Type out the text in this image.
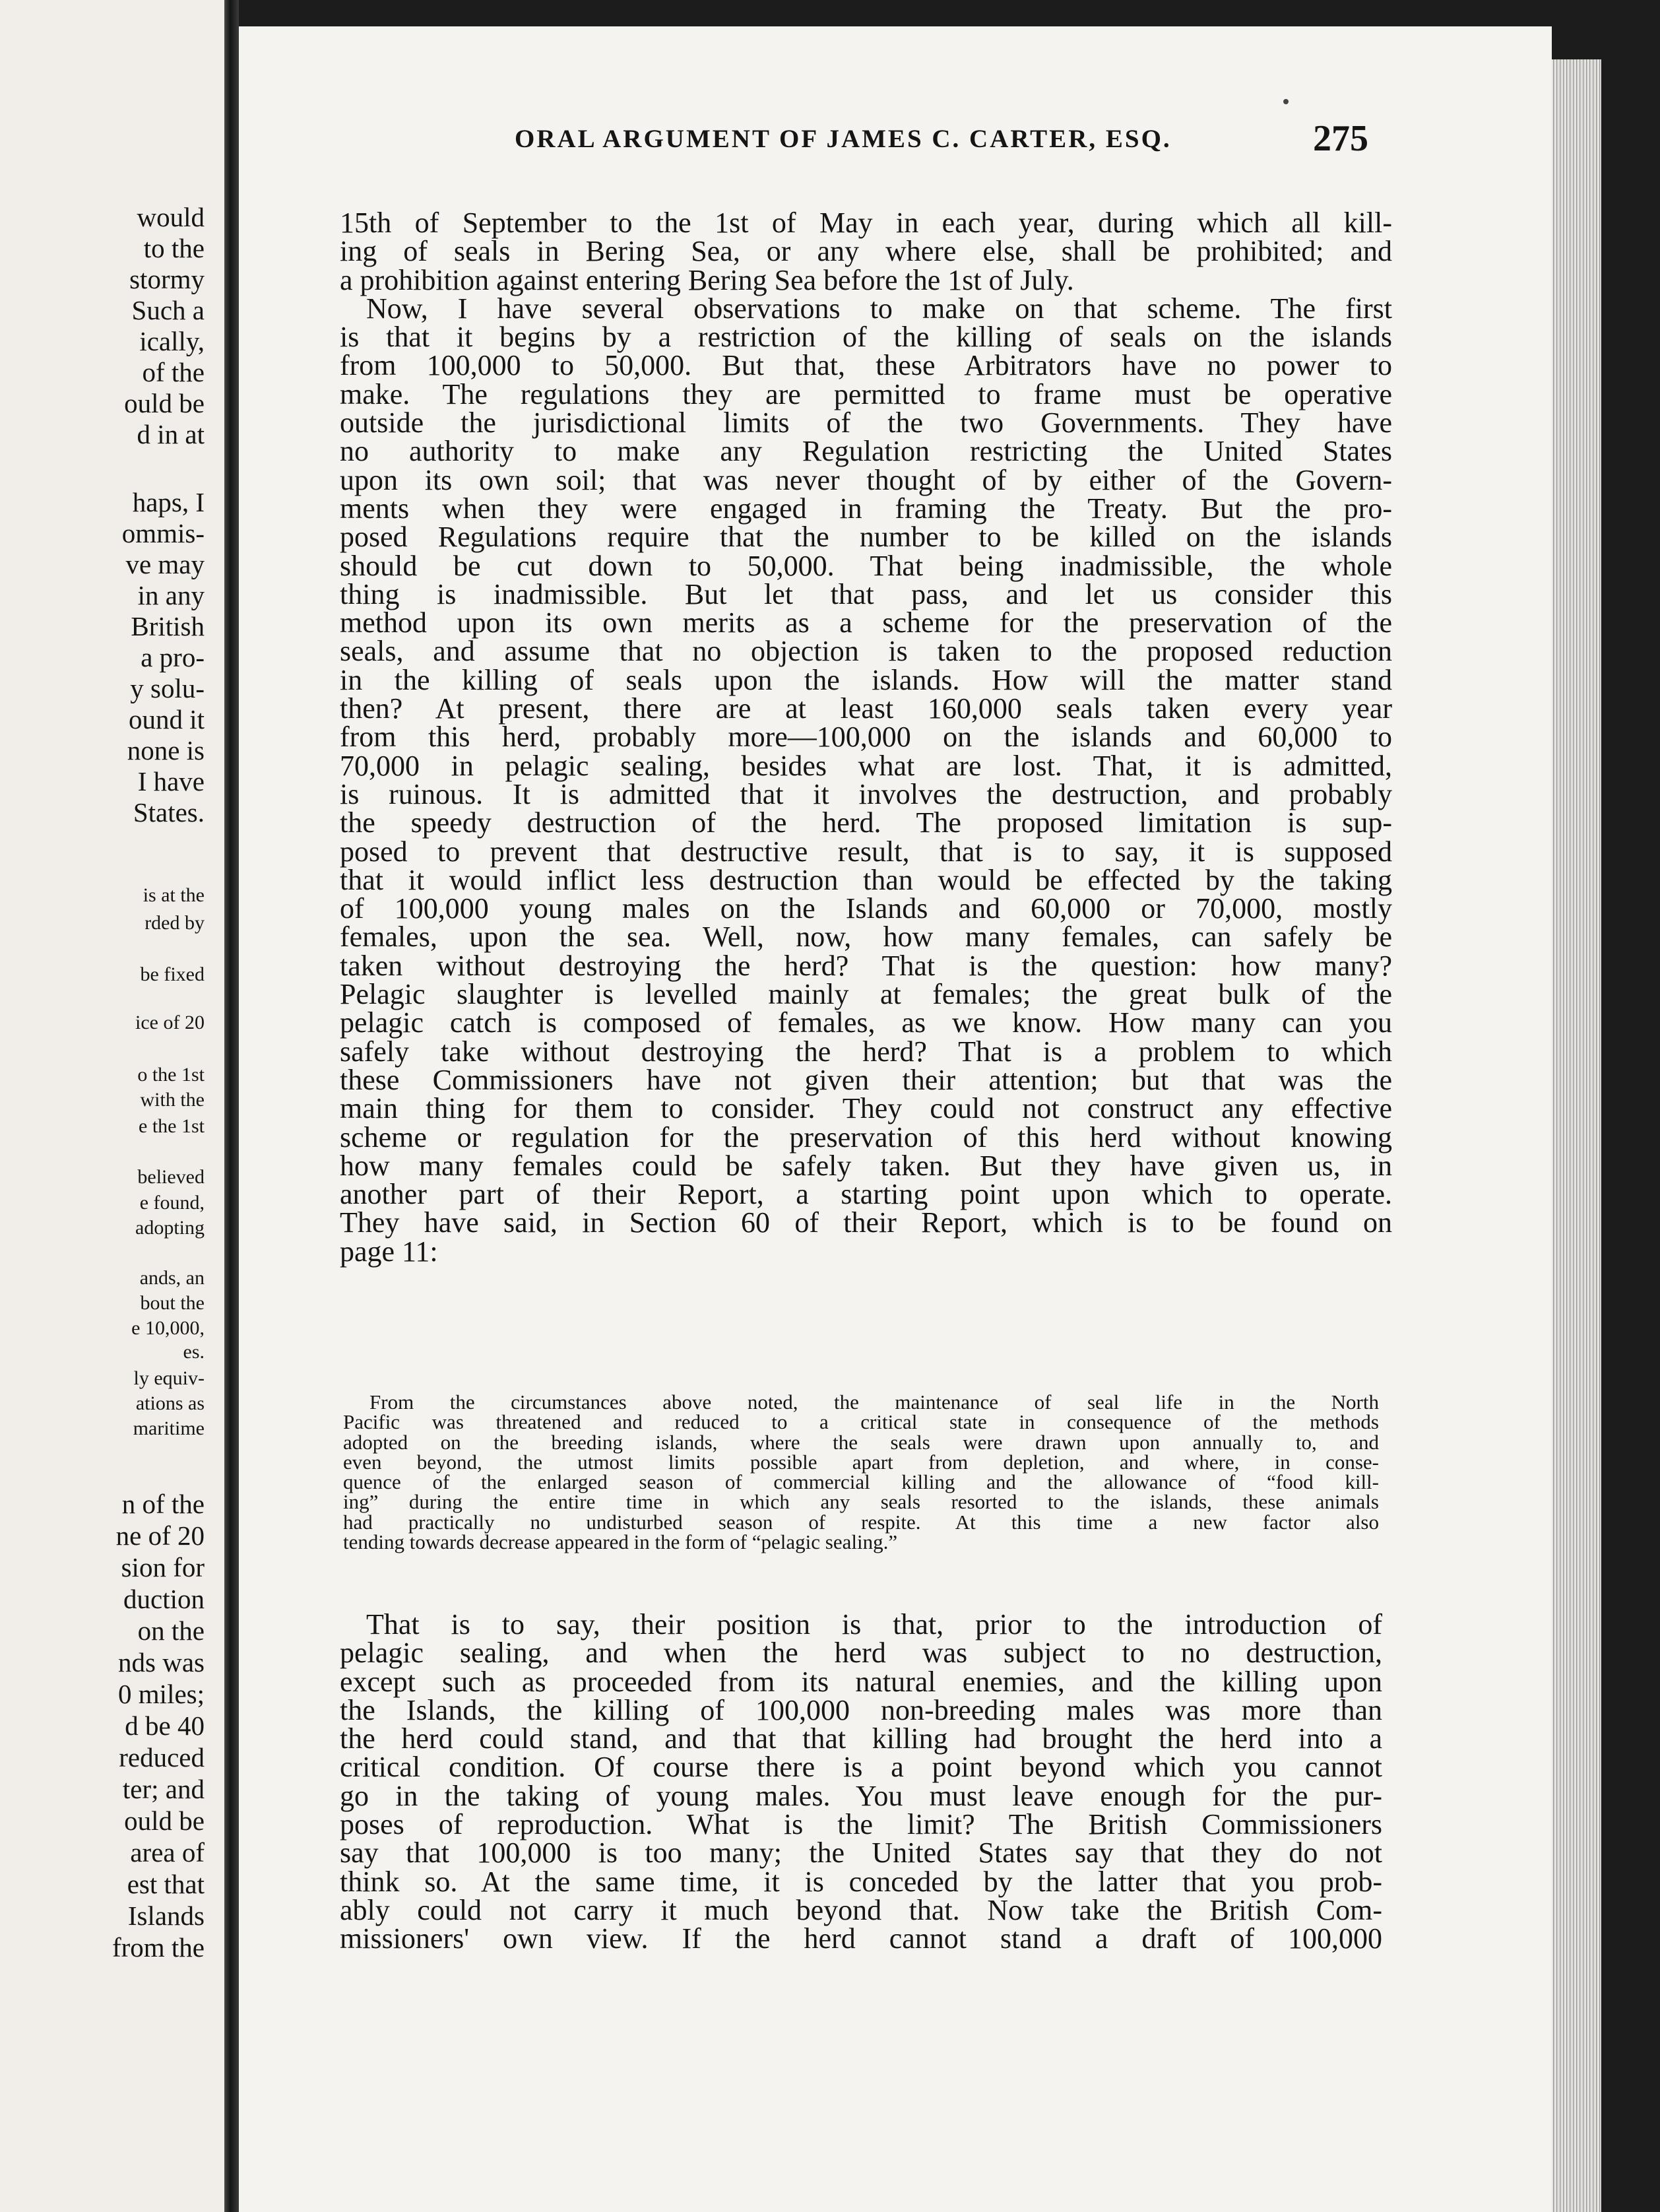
would
to the
stormy
Such a
ically,
of the
ould be
d in at
haps, I
ommis-
ve may
in any
British
a pro-
y solu-
ound it
none is
I have
States.
is at the
rded by
be fixed
ice of 20
o the 1st
with the
e the 1st
believed
e found,
adopting
ands, an
bout the
e 10,000,
es.
ly equiv-
ations as
maritime
n of the
ne of 20
sion for
duction
on the
nds was
0 miles;
d be 40
reduced
ter; and
ould be
area of
est that
Islands
from the
ORAL ARGUMENT OF JAMES C. CARTER, ESQ.	275
15th of September to the 1st of May in each year, during which all kill-
ing of seals in Bering Sea, or any where else, shall be prohibited; and
a prohibition against entering Bering Sea before the 1st of July.
Now, I have several observations to make on that scheme. The first
is that it begins by a restriction of the killing of seals on the islands
from 100,000 to 50,000. But that, these Arbitrators have no power to
make. The regulations they are permitted to frame must be operative
outside the jurisdictional limits of the two Governments. They have
no authority to make any Regulation restricting the United States
upon its own soil; that was never thought of by either of the Govern-
ments when they were engaged in framing the Treaty. But the pro-
posed Regulations require that the number to be killed on the islands
should be cut down to 50,000. That being inadmissible, the whole
thing is inadmissible. But let that pass, and let us consider this
method upon its own merits as a scheme for the preservation of the
seals, and assume that no objection is taken to the proposed reduction
in the killing of seals upon the islands. How will the matter stand
then? At present, there are at least 160,000 seals taken every year
from this herd, probably more—100,000 on the islands and 60,000 to
70,000 in pelagic sealing, besides what are lost. That, it is admitted,
is ruinous. It is admitted that it involves the destruction, and probably
the speedy destruction of the herd. The proposed limitation is sup-
posed to prevent that destructive result, that is to say, it is supposed
that it would inflict less destruction than would be effected by the taking
of 100,000 young males on the Islands and 60,000 or 70,000, mostly
females, upon the sea. Well, now, how many females, can safely be
taken without destroying the herd? That is the question: how many?
Pelagic slaughter is levelled mainly at females; the great bulk of the
pelagic catch is composed of females, as we know. How many can you
safely take without destroying the herd? That is a problem to which
these Commissioners have not given their attention; but that was the
main thing for them to consider. They could not construct any effective
scheme or regulation for the preservation of this herd without knowing
how many females could be safely taken. But they have given us, in
another part of their Report, a starting point upon which to operate.
They have said, in Section 60 of their Report, which is to be found on
page 11:
From the circumstances above noted, the maintenance of seal life in the North
Pacific was threatened and reduced to a critical state in consequence of the methods
adopted on the breeding islands, where the seals were drawn upon annually to, and
even beyond, the utmost limits possible apart from depletion, and where, in conse-
quence of the enlarged season of commercial killing and the allowance of “food kill-
ing” during the entire time in which any seals resorted to the islands, these animals
had practically no undisturbed season of respite. At this time a new factor also
tending towards decrease appeared in the form of “pelagic sealing.”
That is to say, their position is that, prior to the introduction of
pelagic sealing, and when the herd was subject to no destruction,
except such as proceeded from its natural enemies, and the killing upon
the Islands, the killing of 100,000 non-breeding males was more than
the herd could stand, and that that killing had brought the herd into a
critical condition. Of course there is a point beyond which you cannot
go in the taking of young males. You must leave enough for the pur-
poses of reproduction. What is the limit? The British Commissioners
say that 100,000 is too many; the United States say that they do not
think so. At the same time, it is conceded by the latter that you prob-
ably could not carry it much beyond that. Now take the British Com-
missioners' own view. If the herd cannot stand a draft of 100,000
